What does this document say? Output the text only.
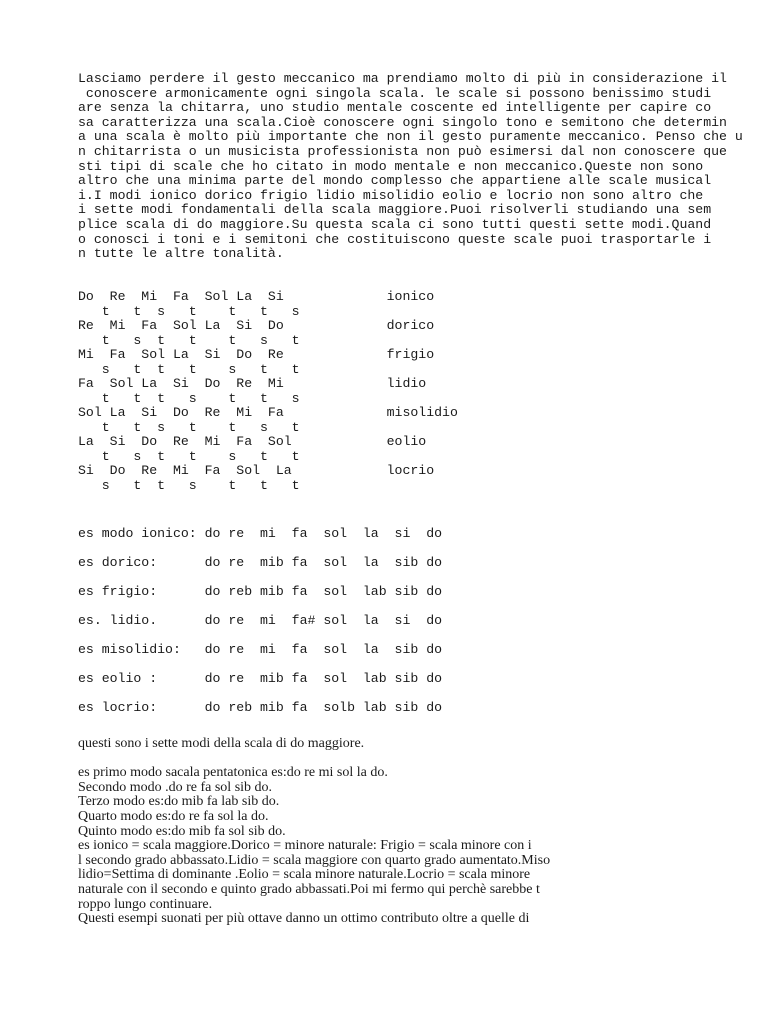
Lasciamo perdere il gesto meccanico ma prendiamo molto di più in considerazione il
conoscere armonicamente ogni singola scala. le scale si possono benissimo studi
are senza la chitarra, uno studio mentale coscente ed intelligente per capire co
sa caratterizza una scala.Cioè conoscere ogni singolo tono e semitono che determin
a una scala è molto più importante che non il gesto puramente meccanico. Penso che u
n chitarrista o un musicista professionista non può esimersi dal non conoscere que
sti tipi di scale che ho citato in modo mentale e non meccanico.Queste non sono
altro che una minima parte del mondo complesso che appartiene alle scale musical
i.I modi ionico dorico frigio lidio misolidio eolio e locrio non sono altro che
i sette modi fondamentali della scala maggiore.Puoi risolverli studiando una sem
plice scala di do maggiore.Su questa scala ci sono tutti questi sette modi.Quand
o conosci i toni e i semitoni che costituiscono queste scale puoi trasportarle i
n tutte le altre tonalità.
Do  Re  Mi  Fa  Sol La  Si             ionico
t   t  s   t    t   t   s
Re  Mi  Fa  Sol La  Si  Do             dorico
t   s  t   t    t   s   t
Mi  Fa  Sol La  Si  Do  Re             frigio
s   t  t   t    s   t   t
Fa  Sol La  Si  Do  Re  Mi             lidio
t   t  t   s    t   t   s
Sol La  Si  Do  Re  Mi  Fa             misolidio
t   t  s   t    t   s   t
La  Si  Do  Re  Mi  Fa  Sol            eolio
t   s  t   t    s   t   t
Si  Do  Re  Mi  Fa  Sol  La            locrio
s   t  t   s    t   t   t
es modo ionico: do re  mi  fa  sol  la  si  do
es dorico:      do re  mib fa  sol  la  sib do
es frigio:      do reb mib fa  sol  lab sib do
es. lidio.      do re  mi  fa# sol  la  si  do
es misolidio:   do re  mi  fa  sol  la  sib do
es eolio :      do re  mib fa  sol  lab sib do
es locrio:      do reb mib fa  solb lab sib do
questi sono i sette modi della scala di do maggiore.

es primo modo sacala pentatonica es:do re mi sol la do.
Secondo modo .do re fa sol sib do.
Terzo modo es:do mib fa lab sib do.
Quarto modo es:do re fa sol la do.
Quinto modo es:do mib fa sol sib do.
es ionico = scala maggiore.Dorico = minore naturale: Frigio = scala minore con i
l secondo grado abbassato.Lidio = scala maggiore con quarto grado aumentato.Miso
lidio=Settima di dominante .Eolio = scala minore naturale.Locrio = scala minore
naturale con il secondo e quinto grado abbassati.Poi mi fermo qui perchè sarebbe t
roppo lungo continuare.
Questi esempi suonati per più ottave danno un ottimo contributo oltre a quelle di
